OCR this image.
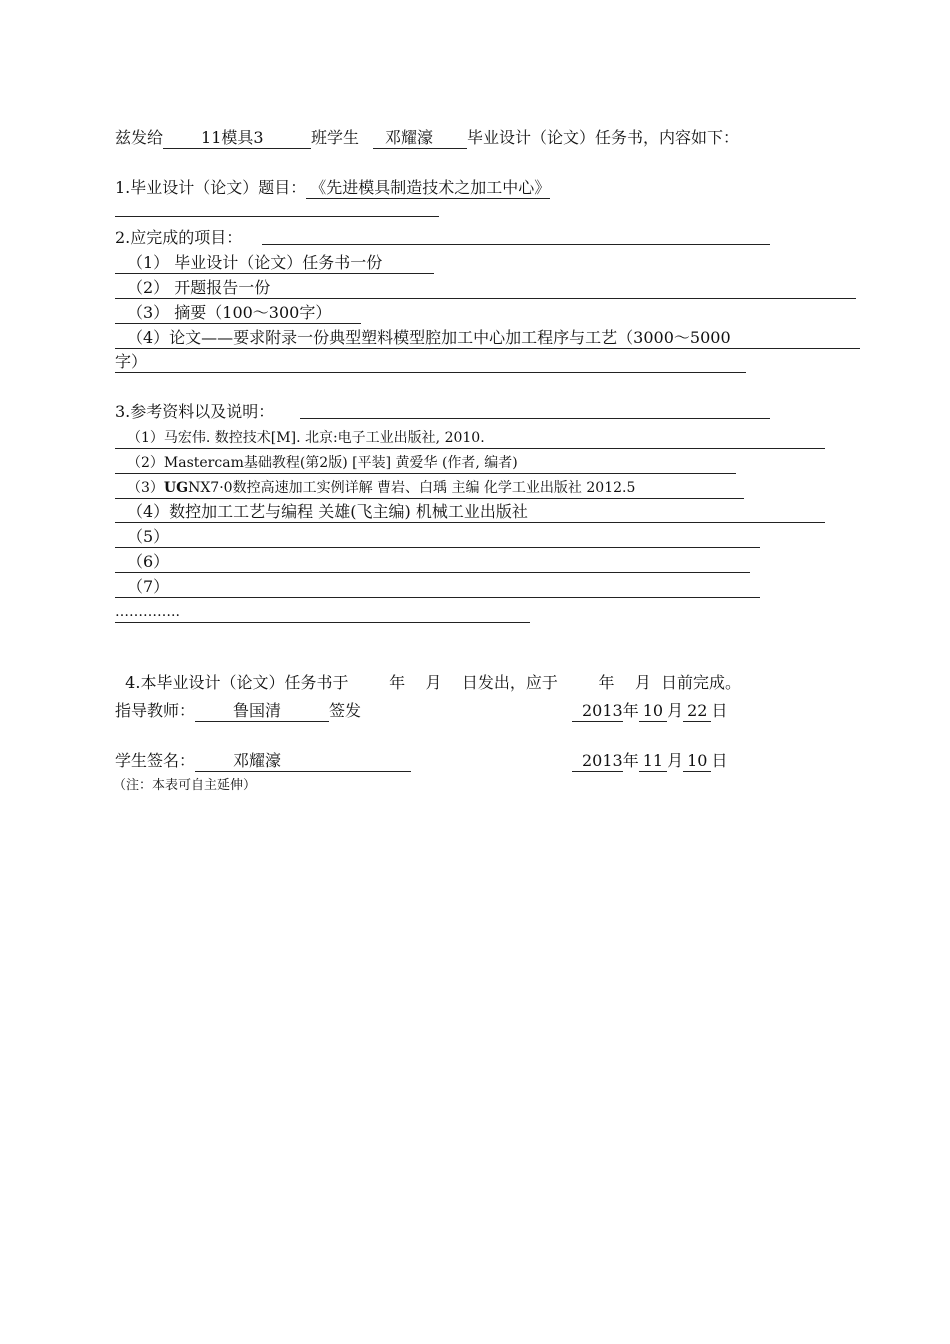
兹发给 11模具3	班学生 邓耀濠 毕业设计（论文）任务书，内容如下：
1.毕业设计（论文）题目： 《先进模具制造技术之加工中心》
2.应完成的项目：
（1） 毕业设计（论文）任务书一份
（2） 开题报告一份
（3） 摘要（100～300字）
（4）论文——要求附录一份典型塑料模型腔加工中心加工程序与工艺（3000～5000
字）
3.参考资料以及说明：
（1）马宏伟. 数控技术[M]. 北京:电子工业出版社, 2010.
（2）Mastercam基础教程(第2版) [平装] 黄爱华 (作者, 编者)
（3）UGNX7·0数控高速加工实例详解 曹岩、白瑀 主编 化学工业出版社 2012.5
（4）数控加工工艺与编程 关雄(飞主编) 机械工业出版社
（5）
（6）
（7）
…………..

4.本毕业设计（论文）任务书于        年    月    日发出，应于        年    月  日前完成。

指导教师： 鲁国清	签发	2013年 10 月 22 日
学生签名： 邓耀濠	2013年 11 月 10 日
（注：本表可自主延伸）
